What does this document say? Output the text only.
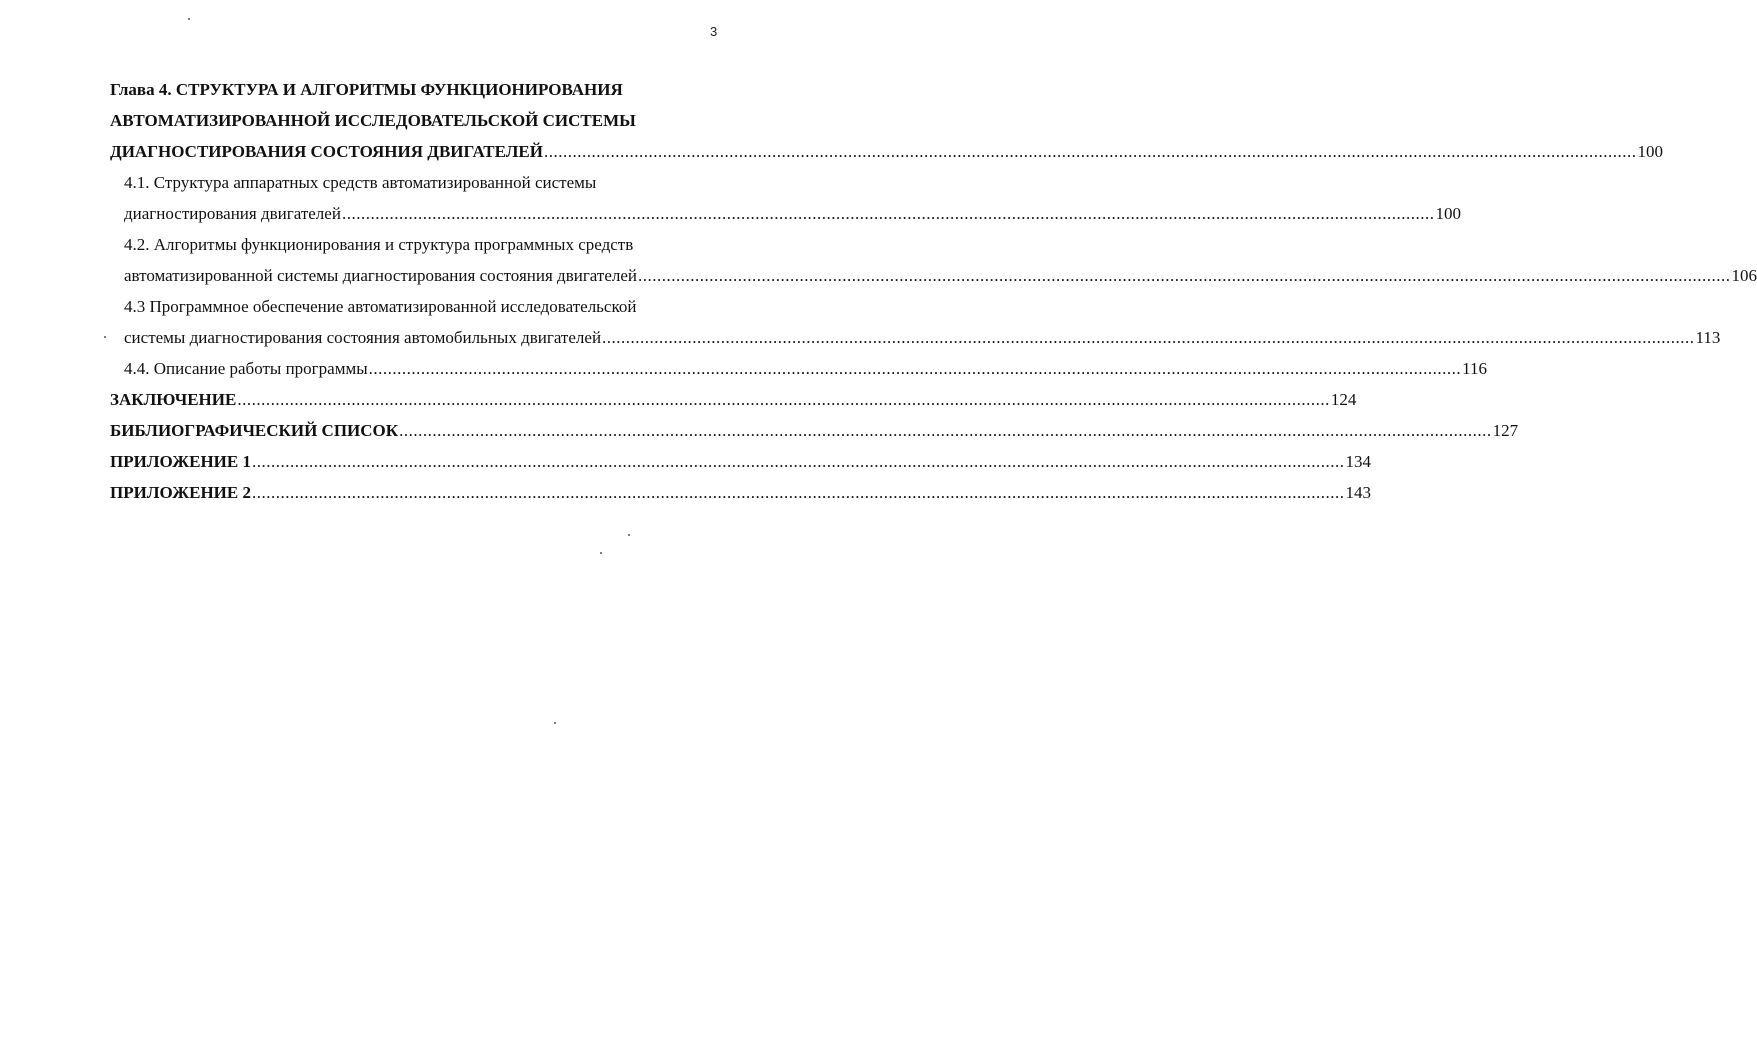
3
Глава 4. СТРУКТУРА И АЛГОРИТМЫ ФУНКЦИОНИРОВАНИЯ
АВТОМАТИЗИРОВАННОЙ ИССЛЕДОВАТЕЛЬСКОЙ СИСТЕМЫ
ДИАГНОСТИРОВАНИЯ СОСТОЯНИЯ ДВИГАТЕЛЕЙ .....	100
4.1. Структура аппаратных средств автоматизированной системы
диагностирования двигателей .....	100
4.2. Алгоритмы функционирования и структура программных средств
автоматизированной системы диагностирования состояния двигателей .....	106
4.3 Программное обеспечение автоматизированной исследовательской
системы диагностирования состояния автомобильных двигателей .....	113
4.4. Описание работы программы .....	116
ЗАКЛЮЧЕНИЕ .....	124
БИБЛИОГРАФИЧЕСКИЙ СПИСОК .....	127
ПРИЛОЖЕНИЕ 1 .....	134
ПРИЛОЖЕНИЕ 2 .....	143
